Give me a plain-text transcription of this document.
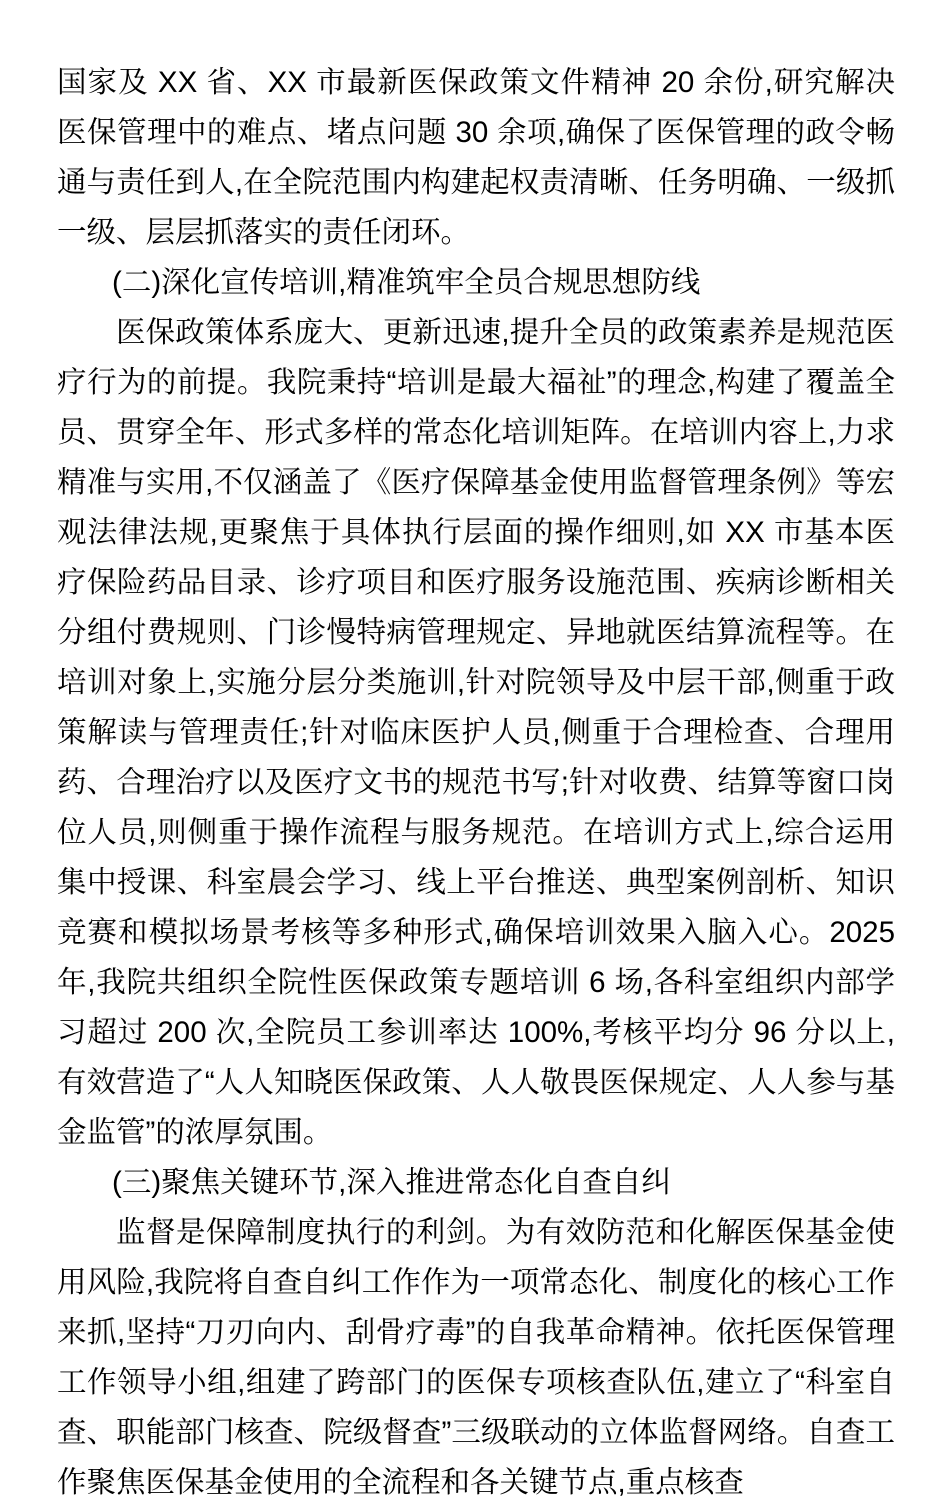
国家及 XX 省、XX 市最新医保政策文件精神 20 余份,研究解决医保管理中的难点、堵点问题 30 余项,确保了医保管理的政令畅通与责任到人,在全院范围内构建起权责清晰、任务明确、一级抓一级、层层抓落实的责任闭环。

(二)深化宣传培训,精准筑牢全员合规思想防线

医保政策体系庞大、更新迅速,提升全员的政策素养是规范医疗行为的前提。我院秉持“培训是最大福祉”的理念,构建了覆盖全员、贯穿全年、形式多样的常态化培训矩阵。在培训内容上,力求精准与实用,不仅涵盖了《医疗保障基金使用监督管理条例》等宏观法律法规,更聚焦于具体执行层面的操作细则,如 XX 市基本医疗保险药品目录、诊疗项目和医疗服务设施范围、疾病诊断相关分组付费规则、门诊慢特病管理规定、异地就医结算流程等。在培训对象上,实施分层分类施训,针对院领导及中层干部,侧重于政策解读与管理责任;针对临床医护人员,侧重于合理检查、合理用药、合理治疗以及医疗文书的规范书写;针对收费、结算等窗口岗位人员,则侧重于操作流程与服务规范。在培训方式上,综合运用集中授课、科室晨会学习、线上平台推送、典型案例剖析、知识竞赛和模拟场景考核等多种形式,确保培训效果入脑入心。2025 年,我院共组织全院性医保政策专题培训 6 场,各科室组织内部学习超过 200 次,全院员工参训率达 100%,考核平均分 96 分以上,有效营造了“人人知晓医保政策、人人敬畏医保规定、人人参与基金监管”的浓厚氛围。

(三)聚焦关键环节,深入推进常态化自查自纠

监督是保障制度执行的利剑。为有效防范和化解医保基金使用风险,我院将自查自纠工作作为一项常态化、制度化的核心工作来抓,坚持“刀刃向内、刮骨疗毒”的自我革命精神。依托医保管理工作领导小组,组建了跨部门的医保专项核查队伍,建立了“科室自查、职能部门核查、院级督查”三级联动的立体监督网络。自查工作聚焦医保基金使用的全流程和各关键节点,重点核查
